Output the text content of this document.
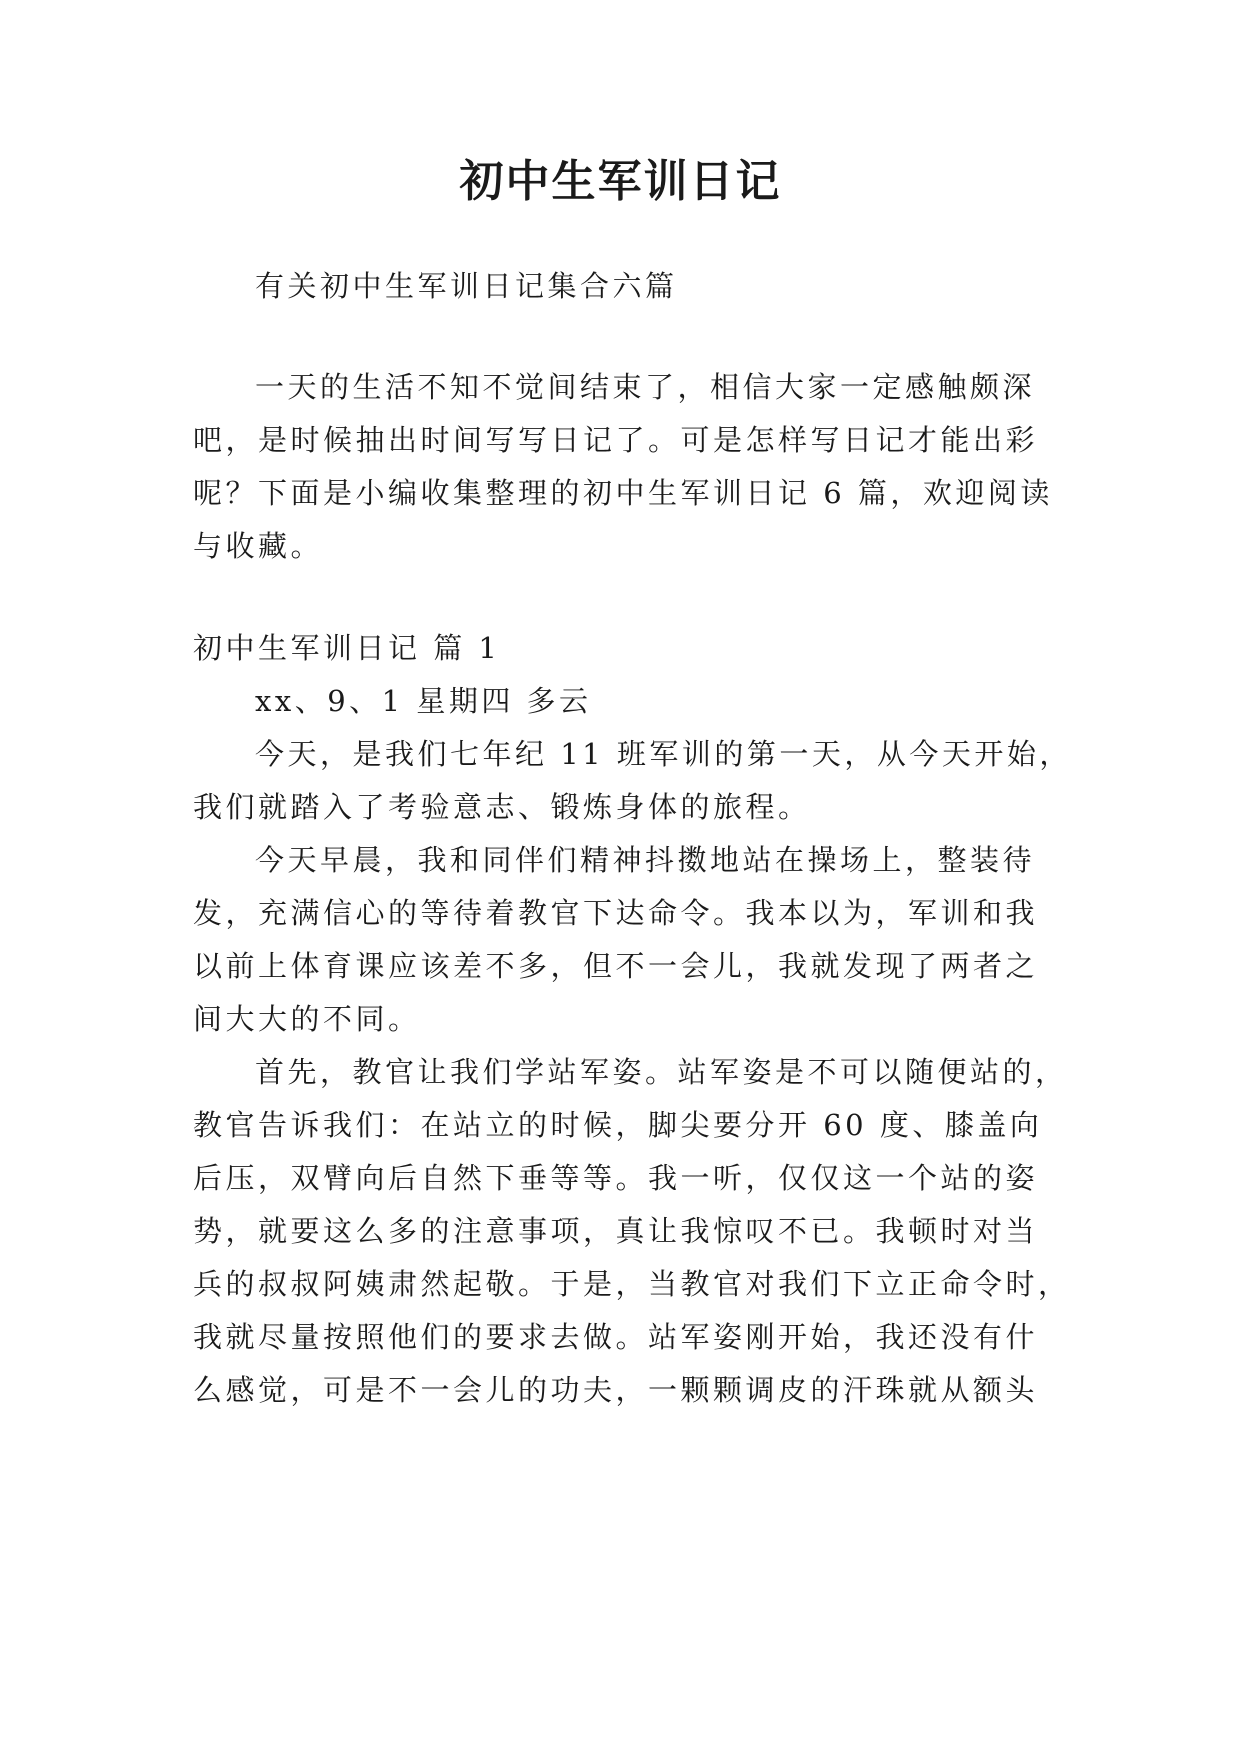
初中生军训日记
有关初中生军训日记集合六篇
一天的生活不知不觉间结束了，相信大家一定感触颇深
吧，是时候抽出时间写写日记了。可是怎样写日记才能出彩
呢？下面是小编收集整理的初中生军训日记 6 篇，欢迎阅读
与收藏。
初中生军训日记 篇 1
xx、9、1 星期四 多云
今天，是我们七年纪 11 班军训的第一天，从今天开始，
我们就踏入了考验意志、锻炼身体的旅程。
今天早晨，我和同伴们精神抖擞地站在操场上，整装待
发，充满信心的等待着教官下达命令。我本以为，军训和我
以前上体育课应该差不多，但不一会儿，我就发现了两者之
间大大的不同。
首先，教官让我们学站军姿。站军姿是不可以随便站的，
教官告诉我们：在站立的时候，脚尖要分开 60 度、膝盖向
后压，双臂向后自然下垂等等。我一听，仅仅这一个站的姿
势，就要这么多的注意事项，真让我惊叹不已。我顿时对当
兵的叔叔阿姨肃然起敬。于是，当教官对我们下立正命令时，
我就尽量按照他们的要求去做。站军姿刚开始，我还没有什
么感觉，可是不一会儿的功夫，一颗颗调皮的汗珠就从额头
